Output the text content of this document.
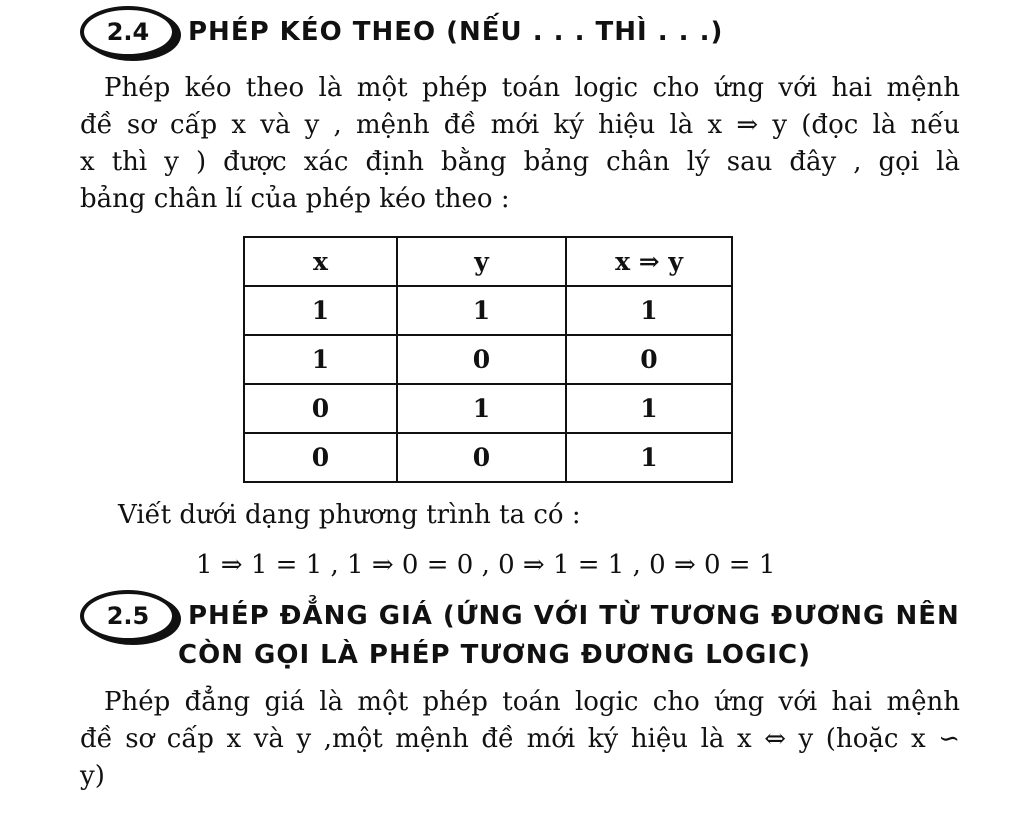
2.4	PHÉP KÉO THEO (NẾU . . . THÌ . . .)
Phép kéo theo là một phép toán logic cho ứng với hai mệnh
đề sơ cấp x và y , mệnh đề mới ký hiệu là x ⇒ y (đọc là nếu
x thì y ) được xác định bằng bảng chân lý sau đây , gọi là
bảng chân lí của phép kéo theo :
x	y	x ⇒ y
1	1	1
1	0	0
0	1	1
0	0	1
Viết dưới dạng phương trình ta có :
1 ⇒ 1 = 1 , 1 ⇒ 0 = 0 , 0 ⇒ 1 = 1 , 0 ⇒ 0 = 1
2.5	PHÉP ĐẲNG GIÁ (ỨNG VỚI TỪ TƯƠNG ĐƯƠNG NÊN
CÒN GỌI LÀ PHÉP TƯƠNG ĐƯƠNG LOGIC)
Phép đẳng giá là một phép toán logic cho ứng với hai mệnh
đề sơ cấp x và y ,một mệnh đề mới ký hiệu là x ⇔ y (hoặc x ∽
y)
